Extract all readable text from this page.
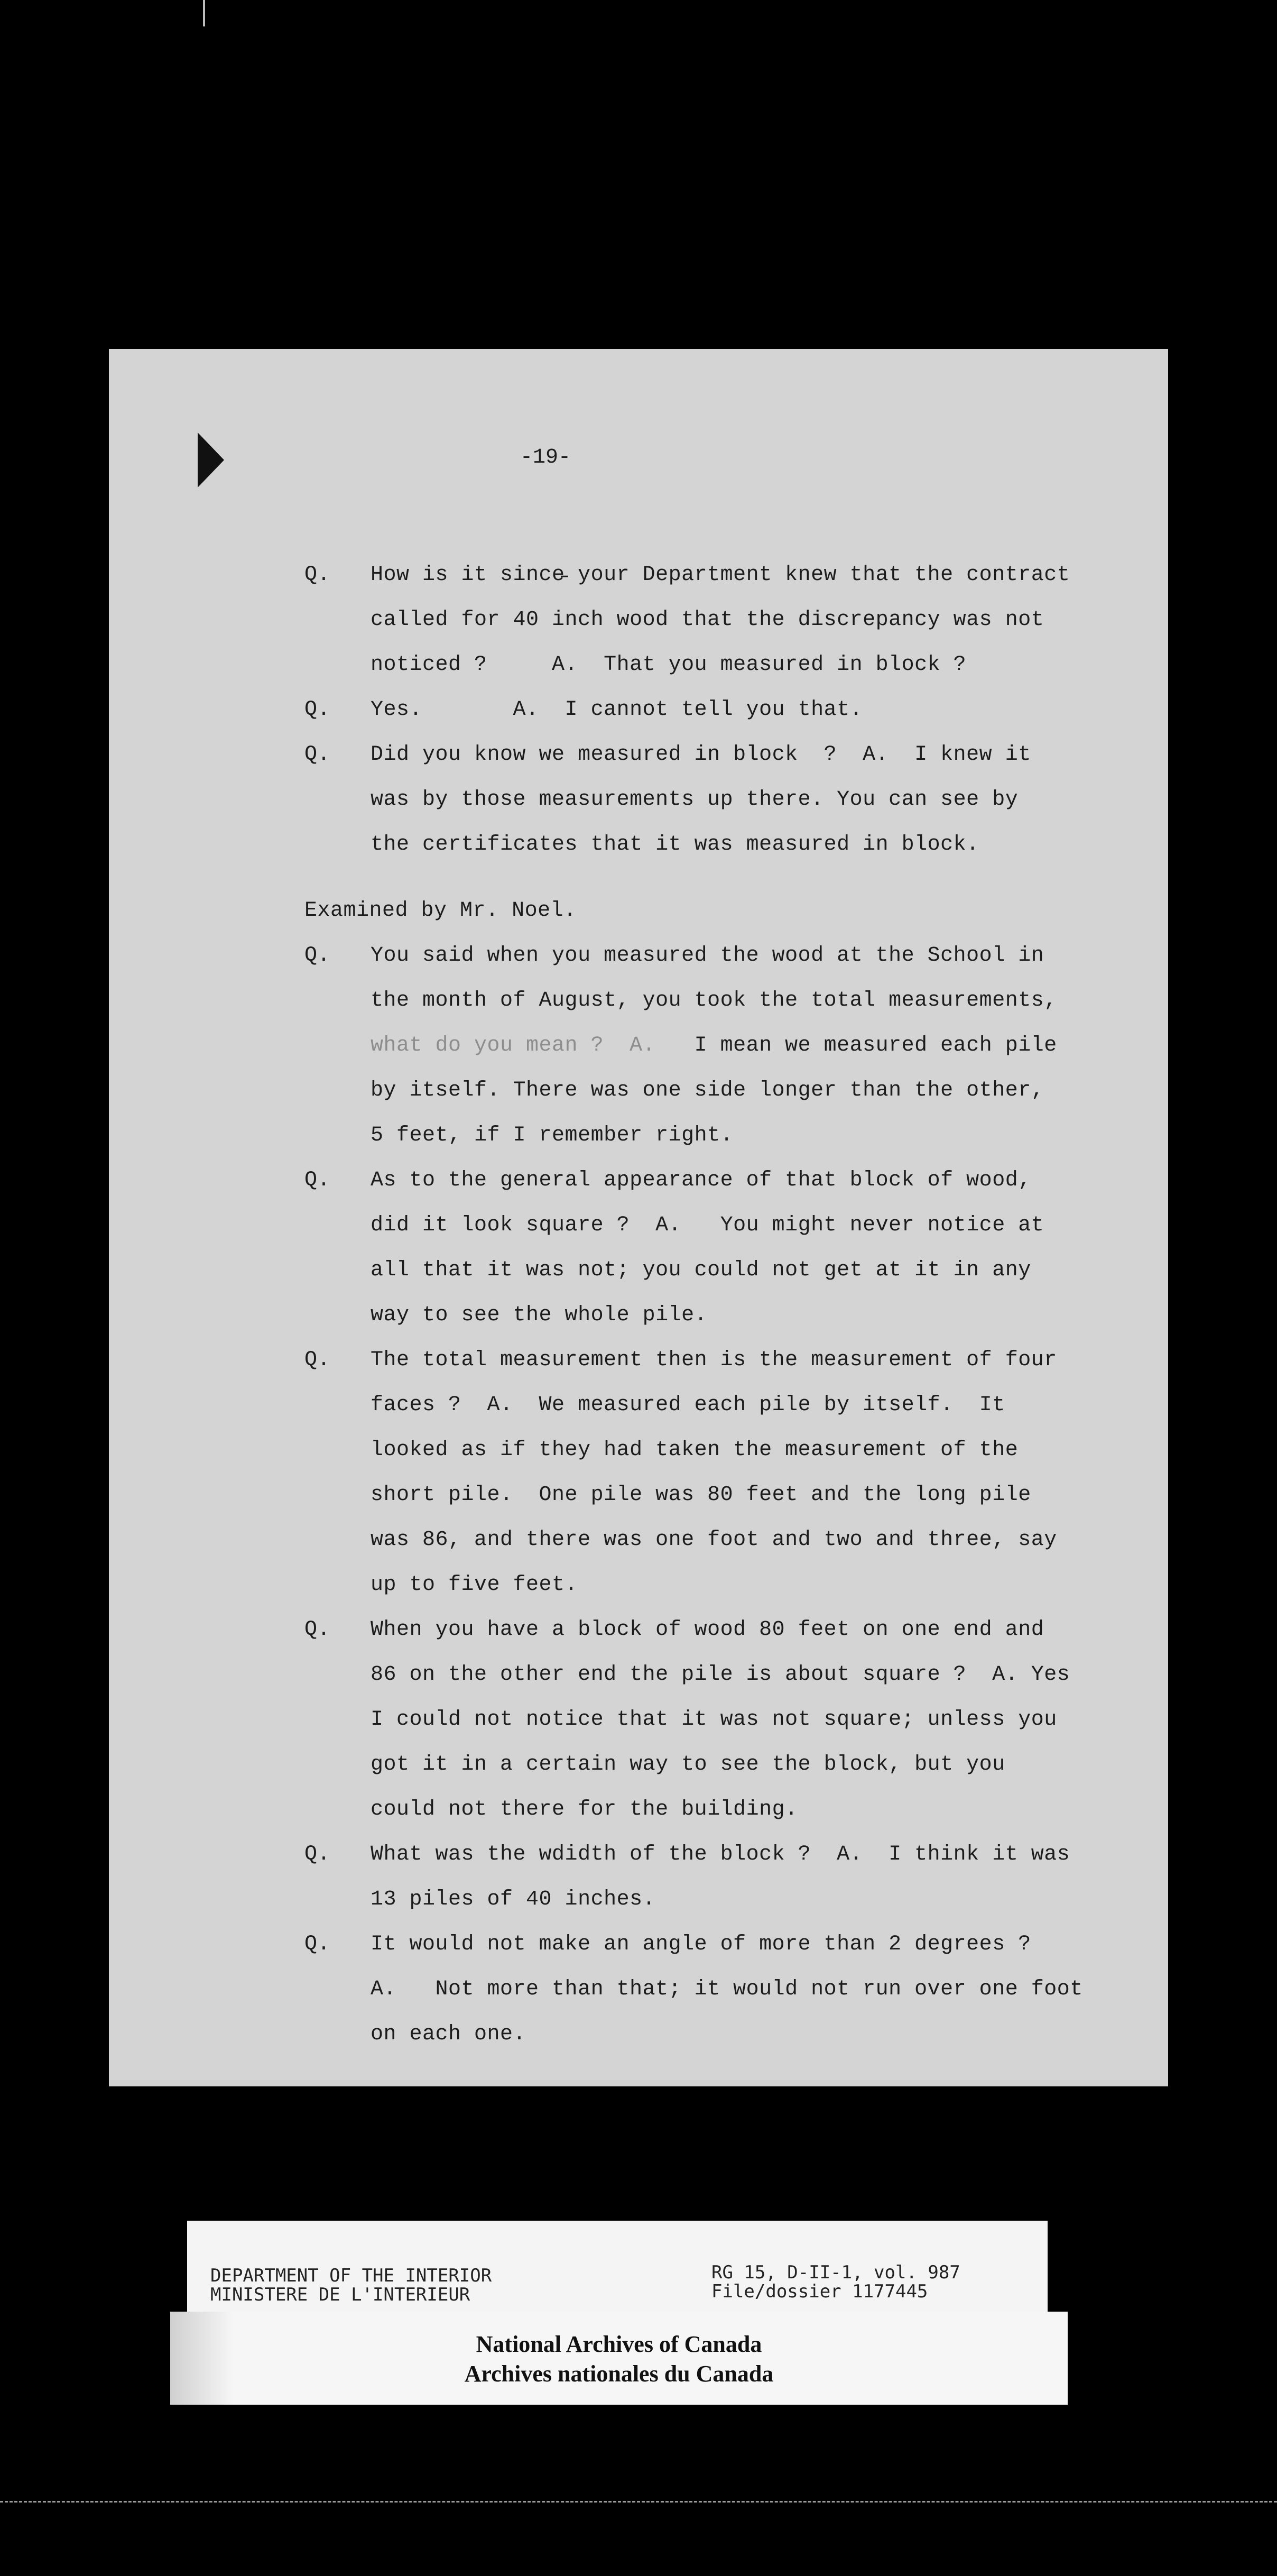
-19-
Q. How is it since̵ your Department knew that the contract
called for 40 inch wood that the discrepancy was not
noticed ?     A.  That you measured in block ?
Q. Yes.       A.  I cannot tell you that.
Q. Did you know we measured in block  ?  A.  I knew it
was by those measurements up there. You can see by
the certificates that it was measured in block.
Examined by Mr. Noel.
Q. You said when you measured the wood at the School in
the month of August, you took the total measurements,
what do you mean ?  A.   I mean we measured each pile
by itself. There was one side longer than the other,
5 feet, if I remember right.
Q. As to the general appearance of that block of wood,
did it look square ?  A.   You might never notice at
all that it was not; you could not get at it in any
way to see the whole pile.
Q. The total measurement then is the measurement of four
faces ?  A.  We measured each pile by itself.  It
looked as if they had taken the measurement of the
short pile.  One pile was 80 feet and the long pile
was 86, and there was one foot and two and three, say
up to five feet.
Q. When you have a block of wood 80 feet on one end and
86 on the other end the pile is about square ?  A. Yes
I could not notice that it was not square; unless you
got it in a certain way to see the block, but you
could not there for the building.
Q. What was the wdidth of the block ?  A.  I think it was
13 piles of 40 inches.
Q. It would not make an angle of more than 2 degrees ?
A.   Not more than that; it would not run over one foot
on each one.
DEPARTMENT OF THE INTERIOR
MINISTERE DE L'INTERIEUR
RG 15, D-II-1, vol. 987
File/dossier 1177445
National Archives of Canada
Archives nationales du Canada
